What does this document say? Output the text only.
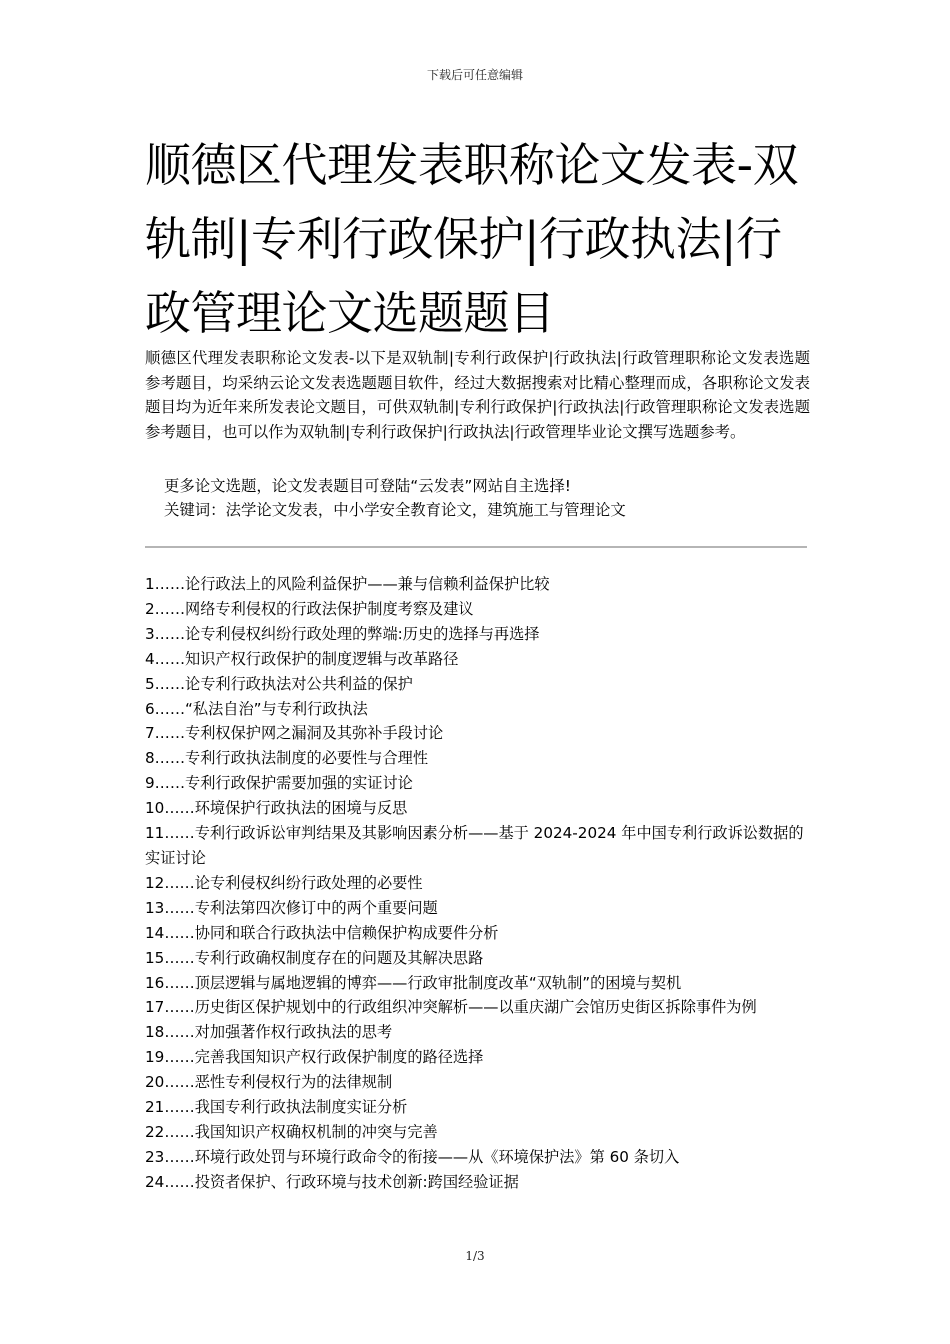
下载后可任意编辑
顺德区代理发表职称论文发表-双轨制|专利行政保护|行政执法|行政管理论文选题题目

顺德区代理发表职称论文发表-以下是双轨制|专利行政保护|行政执法|行政管理职称论文发表选题参考题目，均采纳云论文发表选题题目软件，经过大数据搜索对比精心整理而成，各职称论文发表题目均为近年来所发表论文题目，可供双轨制|专利行政保护|行政执法|行政管理职称论文发表选题参考题目，也可以作为双轨制|专利行政保护|行政执法|行政管理毕业论文撰写选题参考。

更多论文选题，论文发表题目可登陆“云发表”网站自主选择!

关键词：法学论文发表，中小学安全教育论文，建筑施工与管理论文

1……论行政法上的风险利益保护——兼与信赖利益保护比较
2……网络专利侵权的行政法保护制度考察及建议
3……论专利侵权纠纷行政处理的弊端:历史的选择与再选择
4……知识产权行政保护的制度逻辑与改革路径
5……论专利行政执法对公共利益的保护
6……“私法自治”与专利行政执法
7……专利权保护网之漏洞及其弥补手段讨论
8……专利行政执法制度的必要性与合理性
9……专利行政保护需要加强的实证讨论
10……环境保护行政执法的困境与反思
11……专利行政诉讼审判结果及其影响因素分析——基于 2024-2024 年中国专利行政诉讼数据的实证讨论
12……论专利侵权纠纷行政处理的必要性
13……专利法第四次修订中的两个重要问题
14……协同和联合行政执法中信赖保护构成要件分析
15……专利行政确权制度存在的问题及其解决思路
16……顶层逻辑与属地逻辑的博弈——行政审批制度改革“双轨制”的困境与契机
17……历史街区保护规划中的行政组织冲突解析——以重庆湖广会馆历史街区拆除事件为例
18……对加强著作权行政执法的思考
19……完善我国知识产权行政保护制度的路径选择
20……恶性专利侵权行为的法律规制
21……我国专利行政执法制度实证分析
22……我国知识产权确权机制的冲突与完善
23……环境行政处罚与环境行政命令的衔接——从《环境保护法》第 60 条切入
24……投资者保护、行政环境与技术创新:跨国经验证据
1/3
